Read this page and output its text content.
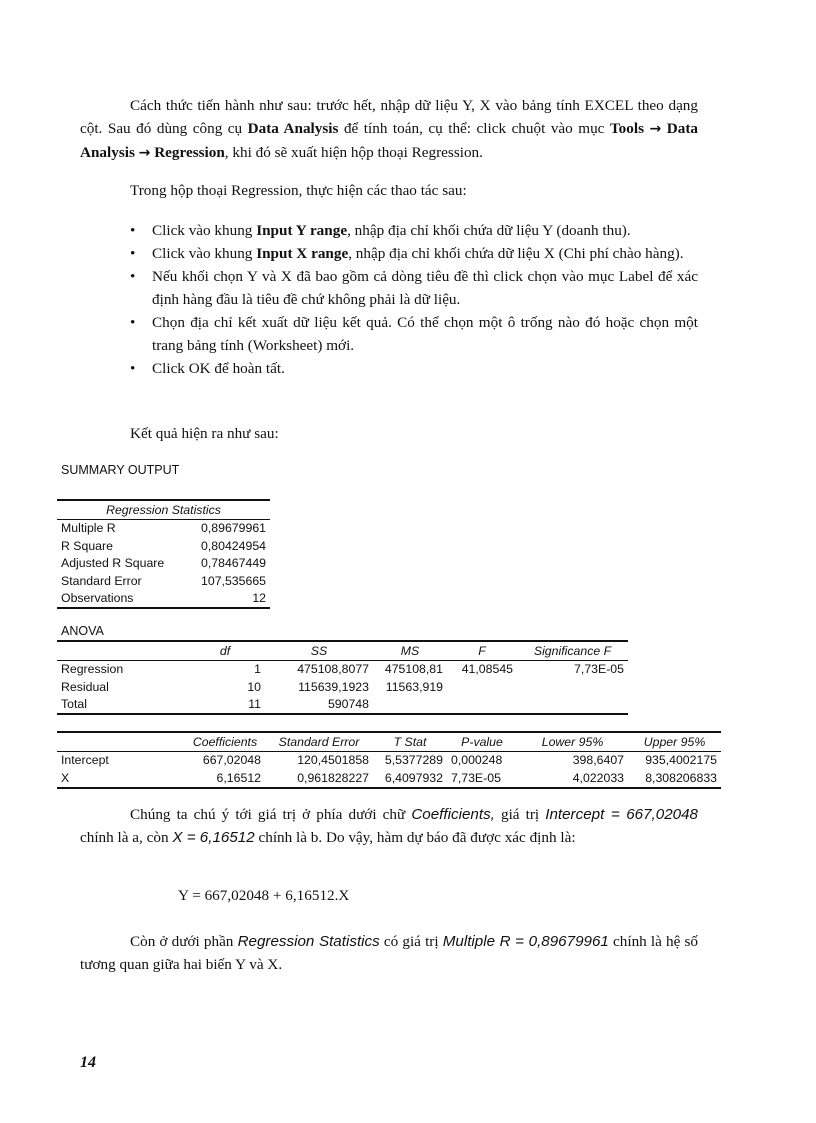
Cách thức tiến hành như sau: trước hết, nhập dữ liệu Y, X vào bảng tính EXCEL theo dạng cột. Sau đó dùng công cụ Data Analysis để tính toán, cụ thể: click chuột vào mục Tools → Data Analysis → Regression, khi đó sẽ xuất hiện hộp thoại Regression.

Trong hộp thoại Regression, thực hiện các thao tác sau:

• Click vào khung Input Y range, nhập địa chỉ khối chứa dữ liệu Y (doanh thu).
• Click vào khung Input X range, nhập địa chỉ khối chứa dữ liệu X (Chi phí chào hàng).
• Nếu khối chọn Y và X đã bao gồm cả dòng tiêu đề thì click chọn vào mục Label để xác định hàng đầu là tiêu đề chứ không phải là dữ liệu.
• Chọn địa chỉ kết xuất dữ liệu kết quả. Có thể chọn một ô trống nào đó hoặc chọn một trang bảng tính (Worksheet) mới.
• Click OK để hoàn tất.

Kết quả hiện ra như sau:

SUMMARY OUTPUT
Regression Statistics	
Multiple R	0,89679961
R Square	0,80424954
Adjusted R Square	0,78467449
Standard Error	107,535665
Observations	12
ANOVA
	df	SS	MS	F	Significance F
Regression	1	475108,8077	475108,81	41,08545	7,73E-05
Residual	10	115639,1923	11563,919		
Total	11	590748			
	Coefficients	Standard Error	T Stat	P-value	Lower 95%	Upper 95%
Intercept	667,02048	120,4501858	5,5377289	0,000248	398,6407	935,4002175
X	6,16512	0,961828227	6,4097932	7,73E-05	4,022033	8,308206833

Chúng ta chú ý tới giá trị ở phía dưới chữ Coefficients, giá trị Intercept = 667,02048 chính là a, còn X = 6,16512 chính là b. Do vậy, hàm dự báo đã được xác định là:

Y = 667,02048 + 6,16512.X

Còn ở dưới phần Regression Statistics có giá trị Multiple R = 0,89679961 chính là hệ số tương quan giữa hai biến Y và X.

14
